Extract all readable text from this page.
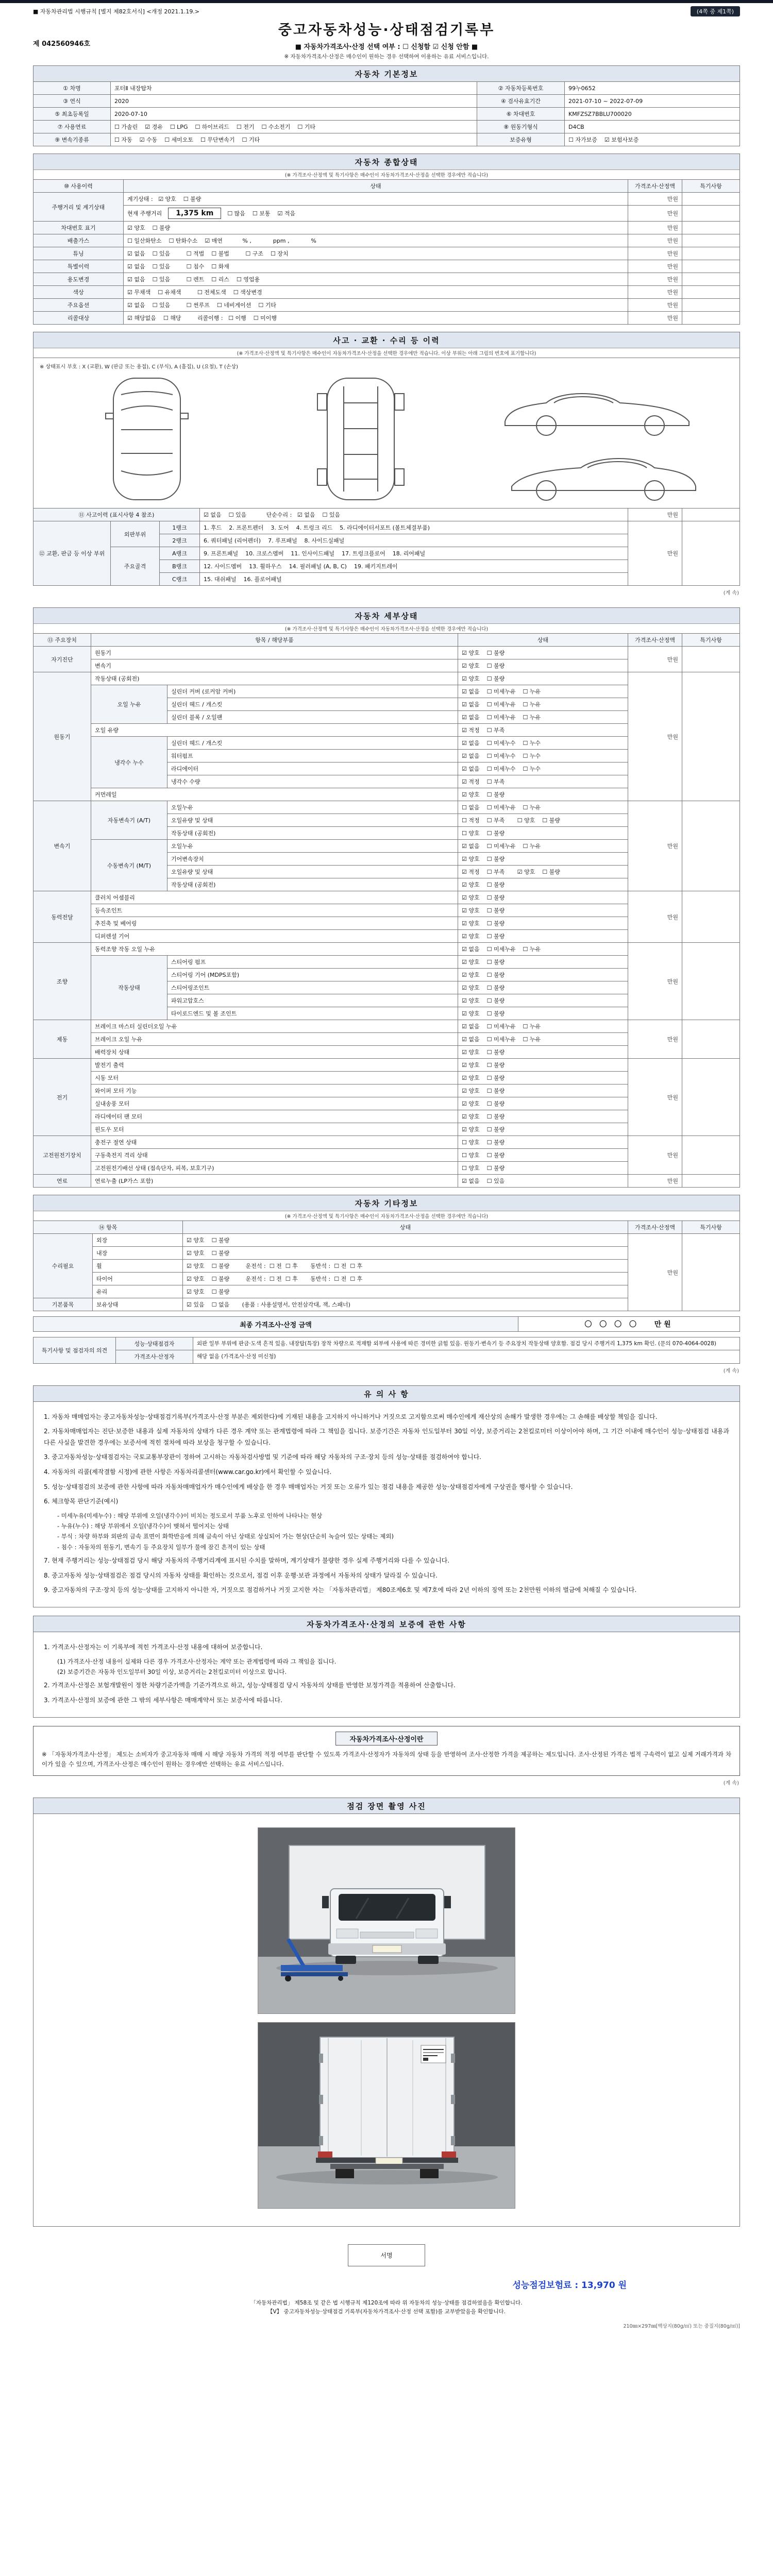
■ 자동차관리법 시행규칙 [별지 제82호서식] <개정 2021.1.19.>	(4쪽 중 제1쪽)
제 042560946호
중고자동차성능·상태점검기록부
■ 자동차가격조사·산정 선택 여부 : ☐ 신청함 ☑ 신청 안함 ■
※ 자동차가격조사·산정은 매수인이 원하는 경우 선택하여 이용하는 유료 서비스입니다.
자동차 기본정보
① 차명	포터Ⅱ 내장탑차	② 자동차등록번호	99누0652
③ 연식	2020	④ 검사유효기간	2021-07-10 ~ 2022-07-09
⑤ 최초등록일	2020-07-10	⑥ 차대번호	KMFZSZ7BBLU700020
⑦ 사용연료	☐ 가솔린    ☑ 경유    ☐ LPG    ☐ 하이브리드    ☐ 전기    ☐ 수소전기    ☐ 기타	⑧ 원동기형식	D4CB
⑨ 변속기종류	☐ 자동    ☑ 수동    ☐ 세미오토    ☐ 무단변속기    ☐ 기타	보증유형	☐ 자가보증    ☑ 보험사보증
자동차 종합상태
(※ 가격조사·산정액 및 특기사항은 매수인이 자동차가격조사·산정을 선택한 경우에만 적습니다)
⑩ 사용이력	상태	가격조사·산정액	특기사항
주행거리 및 계기상태	계기상태 :   ☑ 양호    ☐ 불량	만원	
	현재 주행거리 1,375 km ☐ 많음    ☐ 보통    ☑ 적음	만원	
차대번호 표기	☑ 양호    ☐ 불량	만원	
배출가스	☐ 일산화탄소    ☐ 탄화수소    ☑ 매연           % ,            ppm ,            %	만원	
튜닝	☑ 없음    ☐ 있음         ☐ 적법    ☐ 불법         ☐ 구조    ☐ 장치	만원	
특별이력	☑ 없음    ☐ 있음         ☐ 침수    ☐ 화재	만원	
용도변경	☑ 없음    ☐ 있음         ☐ 렌트    ☐ 리스    ☐ 영업용	만원	
색상	☑ 무채색    ☐ 유채색         ☐ 전체도색    ☐ 색상변경	만원	
주요옵션	☑ 없음    ☐ 있음         ☐ 썬루프    ☐ 네비게이션    ☐ 기타	만원	
리콜대상	☑ 해당없음    ☐ 해당         리콜이행 :   ☐ 이행    ☐ 미이행	만원	
사고 · 교환 · 수리 등 이력
(※ 가격조사·산정액 및 특기사항은 매수인이 자동차가격조사·산정을 선택한 경우에만 적습니다. 이상 부위는 아래 그림의 번호에 표기합니다)
※ 상태표시 부호 : X (교환), W (판금 또는 용접), C (부식), A (흠집), U (요철), T (손상)
⑪ 사고이력 (표시사항 4 참조)			☑ 없음    ☐ 있음           단순수리 :   ☑ 없음    ☐ 있음	만원	
⑫ 교환, 판금 등 이상 부위	외판부위	1랭크	1. 후드    2. 프론트펜더    3. 도어    4. 트렁크 리드    5. 라디에이터서포트 (볼트체결부품)	만원	
		2랭크	6. 쿼터패널 (리어펜더)    7. 루프패널    8. 사이드실패널		
	주요골격	A랭크	9. 프론트패널    10. 크로스멤버    11. 인사이드패널    17. 트렁크플로어    18. 리어패널		
		B랭크	12. 사이드멤버    13. 휠하우스    14. 필러패널 (A, B, C)    19. 패키지트레이		
		C랭크	15. 대쉬패널    16. 플로어패널		
(계 속)
자동차 세부상태
(※ 가격조사·산정액 및 특기사항은 매수인이 자동차가격조사·산정을 선택한 경우에만 적습니다)
⑬ 주요장치	항목 / 해당부품		상태	가격조사·산정액	특기사항
자기진단	원동기		☑ 양호    ☐ 불량	만원	
	변속기		☑ 양호    ☐ 불량		
원동기	작동상태 (공회전)		☑ 양호    ☐ 불량	만원	
	오일 누유	실린더 커버 (로커암 커버)	☑ 없음    ☐ 미세누유    ☐ 누유		
		실린더 헤드 / 개스킷	☑ 없음    ☐ 미세누유    ☐ 누유		
		실린더 블록 / 오일팬	☑ 없음    ☐ 미세누유    ☐ 누유		
	오일 유량		☑ 적정    ☐ 부족		
	냉각수 누수	실린더 헤드 / 개스킷	☑ 없음    ☐ 미세누수    ☐ 누수		
		워터펌프	☑ 없음    ☐ 미세누수    ☐ 누수		
		라디에이터	☑ 없음    ☐ 미세누수    ☐ 누수		
		냉각수 수량	☑ 적정    ☐ 부족		
	커먼레일		☑ 양호    ☐ 불량		
변속기	자동변속기 (A/T)	오일누유	☐ 없음    ☐ 미세누유    ☐ 누유	만원	
		오일유량 및 상태	☐ 적정    ☐ 부족       ☐ 양호    ☐ 불량		
		작동상태 (공회전)	☐ 양호    ☐ 불량		
	수동변속기 (M/T)	오일누유	☑ 없음    ☐ 미세누유    ☐ 누유		
		기어변속장치	☑ 양호    ☐ 불량		
		오일유량 및 상태	☑ 적정    ☐ 부족       ☑ 양호    ☐ 불량		
		작동상태 (공회전)	☑ 양호    ☐ 불량		
동력전달	클러치 어셈블리		☑ 양호    ☐ 불량	만원	
	등속조인트		☑ 양호    ☐ 불량		
	추진축 및 베어링		☑ 양호    ☐ 불량		
	디퍼렌셜 기어		☑ 양호    ☐ 불량		
조향	동력조향 작동 오일 누유		☑ 없음    ☐ 미세누유    ☐ 누유	만원	
	작동상태	스티어링 펌프	☑ 양호    ☐ 불량		
		스티어링 기어 (MDPS포함)	☑ 양호    ☐ 불량		
		스티어링조인트	☑ 양호    ☐ 불량		
		파워고압호스	☑ 양호    ☐ 불량		
		타이로드엔드 및 볼 조인트	☑ 양호    ☐ 불량		
제동	브레이크 마스터 실린더오일 누유		☑ 없음    ☐ 미세누유    ☐ 누유	만원	
	브레이크 오일 누유		☑ 없음    ☐ 미세누유    ☐ 누유		
	배력장치 상태		☑ 양호    ☐ 불량		
전기	발전기 출력		☑ 양호    ☐ 불량	만원	
	시동 모터		☑ 양호    ☐ 불량		
	와이퍼 모터 기능		☑ 양호    ☐ 불량		
	실내송풍 모터		☑ 양호    ☐ 불량		
	라디에이터 팬 모터		☑ 양호    ☐ 불량		
	윈도우 모터		☑ 양호    ☐ 불량		
고전원전기장치	충전구 절연 상태		☐ 양호    ☐ 불량	만원	
	구동축전지 격리 상태		☐ 양호    ☐ 불량		
	고전원전기배선 상태 (접속단자, 피복, 보호기구)		☐ 양호    ☐ 불량		
연료	연료누출 (LP가스 포함)		☑ 없음    ☐ 있음	만원	
자동차 기타정보
(※ 가격조사·산정액 및 특기사항은 매수인이 자동차가격조사·산정을 선택한 경우에만 적습니다)
⑭ 항목		상태	가격조사·산정액	특기사항
수리필요	외장	☑ 양호    ☐ 불량	만원	
	내장	☑ 양호    ☐ 불량		
	휠	☑ 양호    ☐ 불량         운전석 :  ☐ 전  ☐ 후       동반석 :  ☐ 전  ☐ 후		
	타이어	☑ 양호    ☐ 불량         운전석 :  ☐ 전  ☐ 후       동반석 :  ☐ 전  ☐ 후		
	유리	☑ 양호    ☐ 불량		
기본품목	보유상태	☑ 있음    ☐ 없음       (용품 : 사용설명서, 안전삼각대, 잭, 스패너)		
최종 가격조사·산정 금액	〇 〇 〇 〇   만원
특기사항 및 점검자의 의견	성능·상태점검자	외판 일부 부위에 판금·도색 흔적 있음. 내장탑(특장) 장착 차량으로 적재함 외부에 사용에 따른 경미한 긁힘 있음. 원동기·변속기 등 주요장치 작동상태 양호함. 점검 당시 주행거리 1,375 km 확인. (문의 070-4064-0028)
	가격조사·산정자	해당 없음 (가격조사·산정 미신청)
(계 속)
유 의 사 항
1. 자동차 매매업자는 중고자동차성능·상태점검기록부(가격조사·산정 부분은 제외한다)에 기재된 내용을 고지하지 아니하거나 거짓으로 고지함으로써 매수인에게 재산상의 손해가 발생한 경우에는 그 손해를 배상할 책임을 집니다.
2. 자동차매매업자는 진단·보증한 내용과 실제 자동차의 상태가 다른 경우 계약 또는 관계법령에 따라 그 책임을 집니다. 보증기간은 자동차 인도일부터 30일 이상, 보증거리는 2천킬로미터 이상이어야 하며, 그 기간 이내에 매수인이 성능·상태점검 내용과 다른 사실을 발견한 경우에는 보증서에 적힌 절차에 따라 보상을 청구할 수 있습니다.
3. 중고자동차성능·상태점검자는 국토교통부장관이 정하여 고시하는 자동차검사방법 및 기준에 따라 해당 자동차의 구조·장치 등의 성능·상태를 점검하여야 합니다.
4. 자동차의 리콜(제작결함 시정)에 관한 사항은 자동차리콜센터(www.car.go.kr)에서 확인할 수 있습니다.
5. 성능·상태점검의 보증에 관한 사항에 따라 자동차매매업자가 매수인에게 배상을 한 경우 매매업자는 거짓 또는 오류가 있는 점검 내용을 제공한 성능·상태점검자에게 구상권을 행사할 수 있습니다.
6. 체크항목 판단기준(예시)
- 미세누유(미세누수) : 해당 부위에 오일(냉각수)이 비치는 정도로서 부품 노후로 인하여 나타나는 현상
- 누유(누수) : 해당 부위에서 오일(냉각수)이 맺혀서 떨어지는 상태
- 부식 : 차량 하부와 외판의 금속 표면이 화학반응에 의해 금속이 아닌 상태로 상실되어 가는 현상(단순히 녹슬어 있는 상태는 제외)
- 침수 : 자동차의 원동기, 변속기 등 주요장치 일부가 물에 잠긴 흔적이 있는 상태
7. 현재 주행거리는 성능·상태점검 당시 해당 자동차의 주행거리계에 표시된 수치를 말하며, 계기상태가 불량한 경우 실제 주행거리와 다를 수 있습니다.
8. 중고자동차 성능·상태점검은 점검 당시의 자동차 상태를 확인하는 것으로서, 점검 이후 운행·보관 과정에서 자동차의 상태가 달라질 수 있습니다.
9. 중고자동차의 구조·장치 등의 성능·상태를 고지하지 아니한 자, 거짓으로 점검하거나 거짓 고지한 자는 「자동차관리법」 제80조제6호 및 제7호에 따라 2년 이하의 징역 또는 2천만원 이하의 벌금에 처해질 수 있습니다.
자동차가격조사·산정의 보증에 관한 사항
1. 가격조사·산정자는 이 기록부에 적힌 가격조사·산정 내용에 대하여 보증합니다.
(1) 가격조사·산정 내용이 실제와 다른 경우 가격조사·산정자는 계약 또는 관계법령에 따라 그 책임을 집니다.
(2) 보증기간은 자동차 인도일부터 30일 이상, 보증거리는 2천킬로미터 이상으로 합니다.
2. 가격조사·산정은 보험개발원이 정한 차량기준가액을 기준가격으로 하고, 성능·상태점검 당시 자동차의 상태를 반영한 보정가격을 적용하여 산출합니다.
3. 가격조사·산정의 보증에 관한 그 밖의 세부사항은 매매계약서 또는 보증서에 따릅니다.
자동차가격조사·산정이란
※ 「자동차가격조사·산정」 제도는 소비자가 중고자동차 매매 시 해당 자동차 가격의 적정 여부를 판단할 수 있도록 가격조사·산정자가 자동차의 상태 등을 반영하여 조사·산정한 가격을 제공하는 제도입니다. 조사·산정된 가격은 법적 구속력이 없고 실제 거래가격과 차이가 있을 수 있으며, 가격조사·산정은 매수인이 원하는 경우에만 선택하는 유료 서비스입니다.
(계 속)
점검 장면 촬영 사진
서명
성능점검보험료 : 13,970 원
「자동차관리법」 제58조 및 같은 법 시행규칙 제120조에 따라 위 자동차의 성능·상태를 점검하였음을 확인합니다.
【Ⅴ】 중고자동차성능·상태점검 기록부(자동차가격조사·산정 선택 포함)를 교부받았음을 확인합니다.
210㎜×297㎜[백상지(80g/㎡) 또는 중질지(80g/㎡)]
